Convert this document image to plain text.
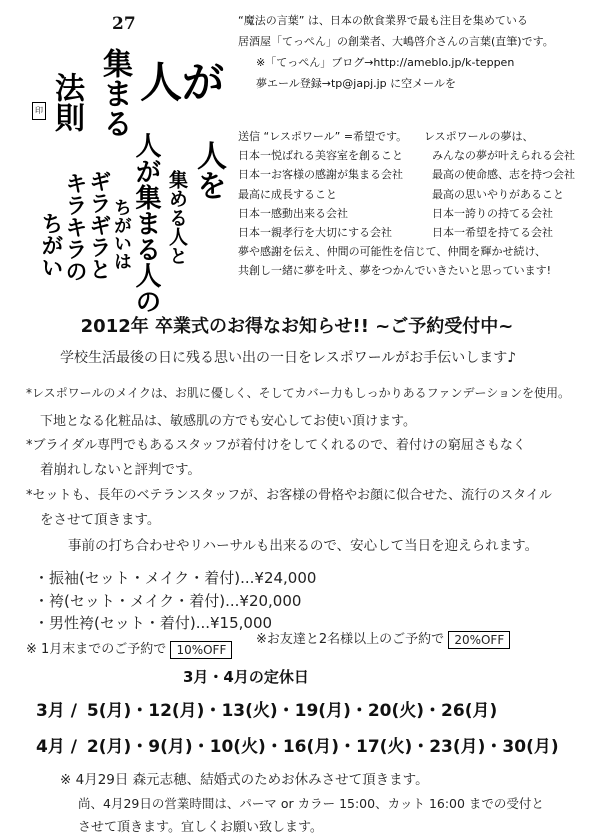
27
人が
集まる
法則
印
人を
集める人と
人が集まる人の
ちがいは
ギラギラと
キラキラの
ちがい
“魔法の言葉” は、日本の飲食業界で最も注目を集めている
居酒屋「てっぺん」の創業者、大嶋啓介さんの言葉(直筆)です。
※「てっぺん」ブログ→http://ameblo.jp/k-teppen
夢エール登録→tp@japj.jp に空メールを
送信 “レスポワール” =希望です。	レスポワールの夢は、
日本一悦ばれる美容室を創ること	みんなの夢が叶えられる会社
日本一お客様の感謝が集まる会社	最高の使命感、志を持つ会社
最高に成長すること	最高の思いやりがあること
日本一感動出来る会社	日本一誇りの持てる会社
日本一親孝行を大切にする会社	日本一希望を持てる会社
夢や感謝を伝え、仲間の可能性を信じて、仲間を輝かせ続け、
共創し一緒に夢を叶え、夢をつかんでいきたいと思っています!
2012年 卒業式のお得なお知らせ!! ~ご予約受付中~
学校生活最後の日に残る思い出の一日をレスポワールがお手伝いします♪
*レスポワールのメイクは、お肌に優しく、そしてカバー力もしっかりあるファンデーションを使用。
下地となる化粧品は、敏感肌の方でも安心してお使い頂けます。
*ブライダル専門でもあるスタッフが着付けをしてくれるので、着付けの窮屈さもなく
着崩れしないと評判です。
*セットも、長年のベテランスタッフが、お客様の骨格やお顔に似合せた、流行のスタイル
をさせて頂きます。
事前の打ち合わせやリハーサルも出来るので、安心して当日を迎えられます。
・振袖(セット・メイク・着付)...¥24,000
・袴(セット・メイク・着付)...¥20,000
・男性袴(セット・着付)...¥15,000
※ 1月末までのご予約で 10%OFF
※お友達と2名様以上のご予約で 20%OFF
3月・4月の定休日
3月 / 5(月)・12(月)・13(火)・19(月)・20(火)・26(月)
4月 / 2(月)・9(月)・10(火)・16(月)・17(火)・23(月)・30(月)
※ 4月29日 森元志穂、結婚式のためお休みさせて頂きます。
尚、4月29日の営業時間は、パーマ or カラー 15:00、カット 16:00 までの受付と
させて頂きます。宜しくお願い致します。
